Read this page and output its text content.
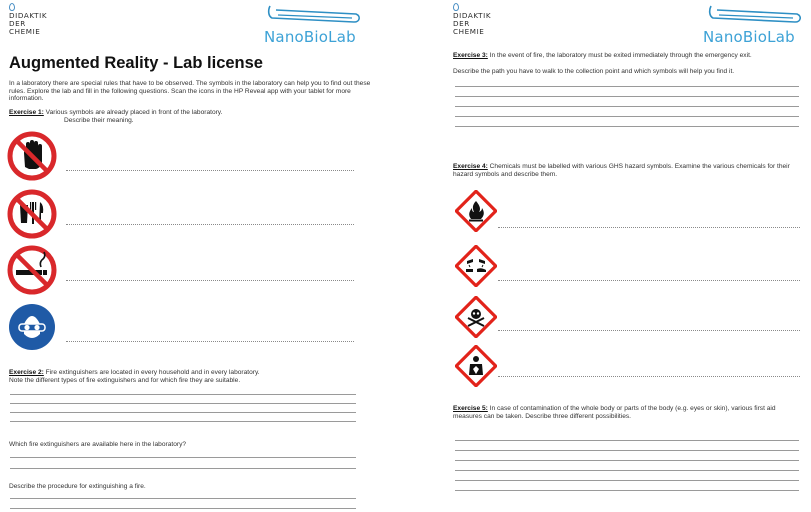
DIDAKTIK
DER
CHEMIE	NanoBioLab
Augmented Reality - Lab license
In a laboratory there are special rules that have to be observed. The symbols in the laboratory can help you to find out these rules. Explore the lab and fill in the following questions. Scan the icons in the HP Reveal app with your tablet for more information.
Exercise 1: Various symbols are already placed in front of the laboratory.
Describe their meaning.
Exercise 2: Fire extinguishers are located in every household and in every laboratory.
Note the different types of fire extinguishers and for which fire they are suitable.
Which fire extinguishers are available here in the laboratory?
Describe the procedure for extinguishing a fire.
DIDAKTIK
DER
CHEMIE	NanoBioLab
Exercise 3: In the event of fire, the laboratory must be exited immediately through the emergency exit.
Describe the path you have to walk to the collection point and which symbols will help you find it.
Exercise 4: Chemicals must be labelled with various GHS hazard symbols. Examine the various chemicals for their hazard symbols and describe them.
Exercise 5: In case of contamination of the whole body or parts of the body (e.g. eyes or skin), various first aid measures can be taken. Describe three different possibilities.
